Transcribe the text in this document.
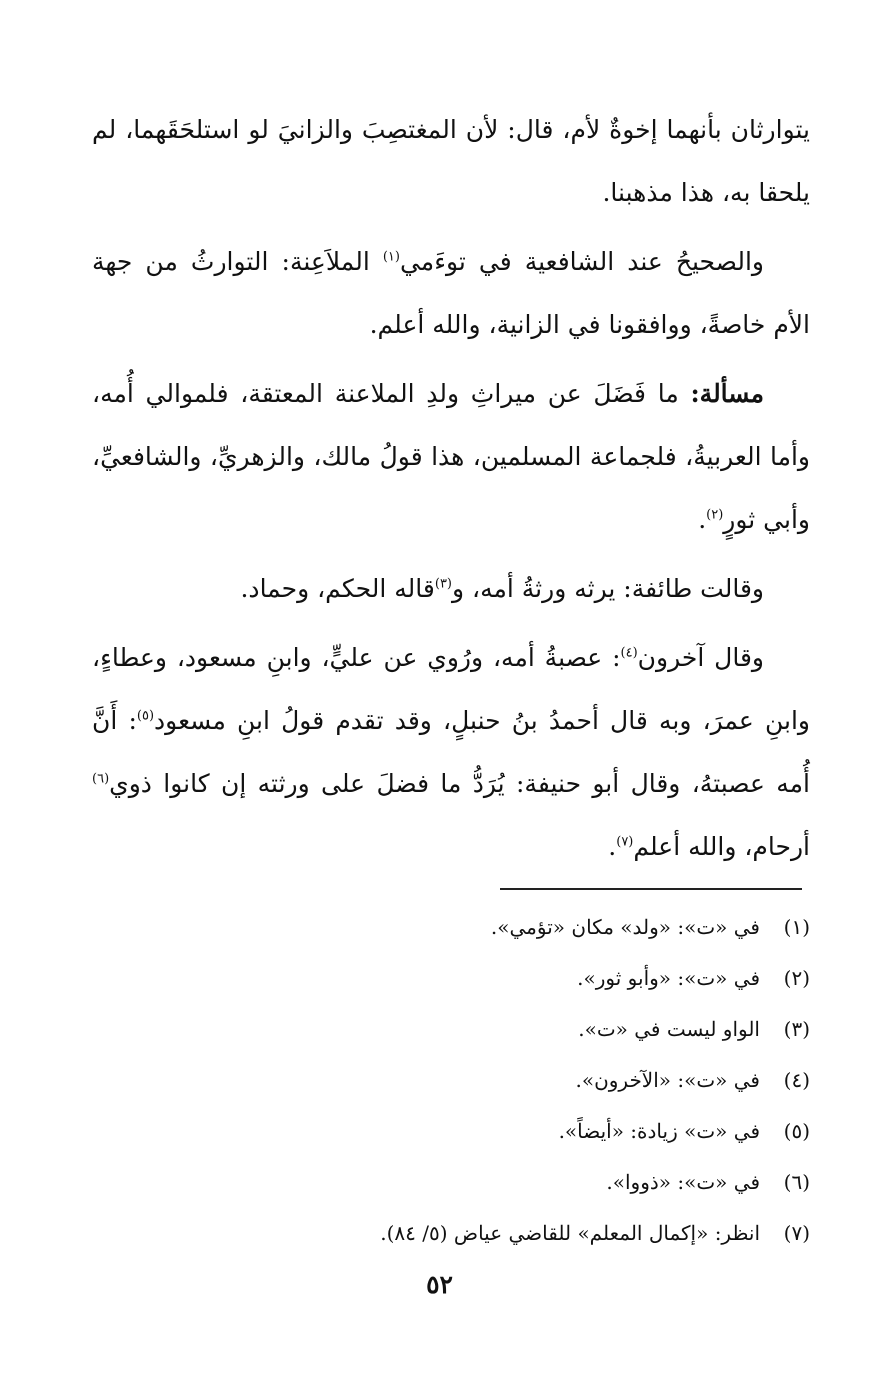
يتوارثان بأنهما إخوةٌ لأم، قال: لأن المغتصِبَ والزانيَ لو استلحَقَهما، لم يلحقا به، هذا مذهبنا.

والصحيحُ عند الشافعية في توءَمي$^{(١)}$ الملاَعِنة: التوارثُ من جهة الأم خاصةً، ووافقونا في الزانية، والله أعلم.

مسألة: ما فَضَلَ عن ميراثِ ولدِ الملاعنة المعتقة، فلموالي أُمه، وأما العربيةُ، فلجماعة المسلمين، هذا قولُ مالك، والزهريِّ، والشافعيِّ، وأبي ثورٍ$^{(٢)}$.

وقالت طائفة: يرثه ورثةُ أمه، و$^{(٣)}$قاله الحكم، وحماد.

وقال آخرون$^{(٤)}$: عصبةُ أمه، ورُوي عن عليٍّ، وابنِ مسعود، وعطاءٍ، وابنِ عمرَ، وبه قال أحمدُ بنُ حنبلٍ، وقد تقدم قولُ ابنِ مسعود$^{(٥)}$: أَنَّ أُمه عصبتهُ، وقال أبو حنيفة: يُرَدُّ ما فضلَ على ورثته إن كانوا ذوي$^{(٦)}$ أرحام، والله أعلم$^{(٧)}$.

(١)
في «ت»: «ولد» مكان «تؤمي».
(٢)
في «ت»: «وأبو ثور».
(٣)
الواو ليست في «ت».
(٤)
في «ت»: «الآخرون».
(٥)
في «ت» زيادة: «أيضاً».
(٦)
في «ت»: «ذووا».
(٧)
انظر: «إكمال المعلم» للقاضي عياض (٥/ ٨٤).
٥٢
